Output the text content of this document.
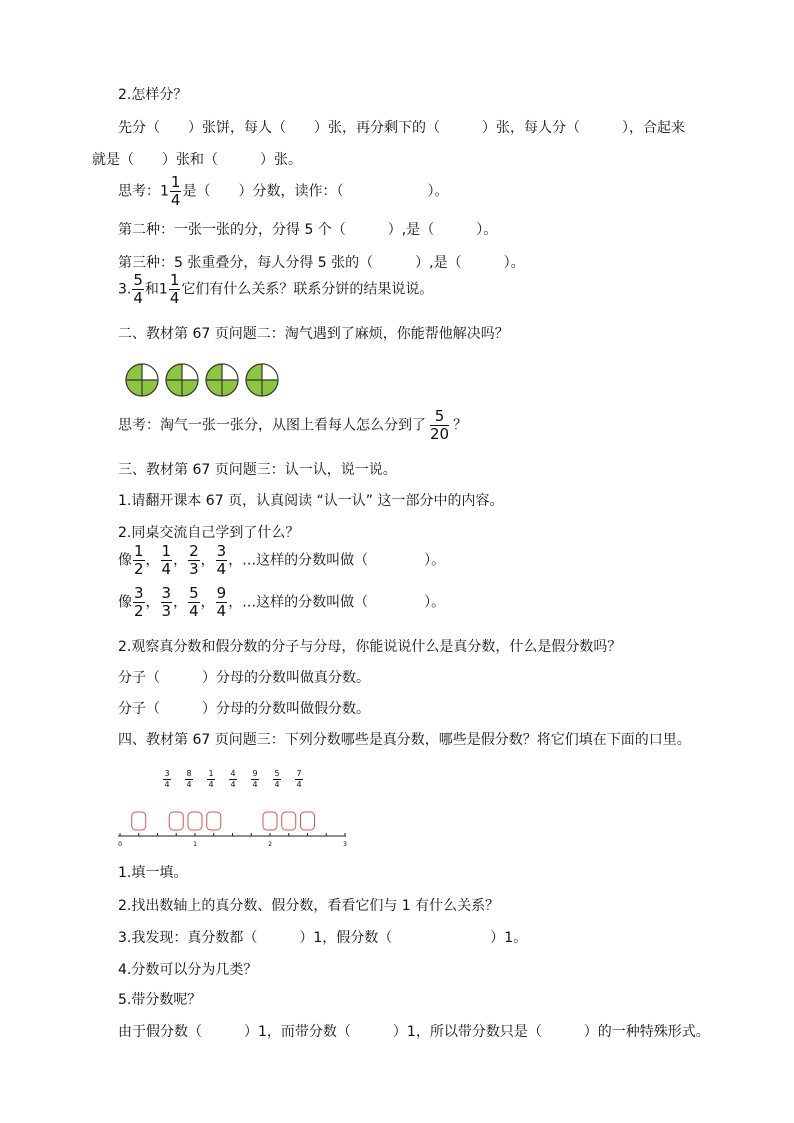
2.怎样分？
先分（　　）张饼，每人（　　）张，再分剩下的（　　　）张，每人分（　　　），合起来
就是（　　）张和（　　　）张。
思考：$1 \frac{1}{4}$ 是（　　）分数，读作：（　　　　　　）。
第二种：一张一张的分，分得 5 个（　　　）,是（　　　）。
第三种：5 张重叠分，每人分得 5 张的（　　　）,是（　　　）。
3. $\frac{5}{4}$ 和$1 \frac{1}{4}$ 它们有什么关系？联系分饼的结果说说。
二、教材第 67 页问题二：淘气遇到了麻烦，你能帮他解决吗？
思考：淘气一张一张分，从图上看每人怎么分到了 $\frac{5}{20}$ ？
三、教材第 67 页问题三：认一认，说一说。
1.请翻开课本 67 页，认真阅读 “认一认” 这一部分中的内容。
2.同桌交流自己学到了什么？
像 $\frac{1}{2}$ ， $\frac{1}{4}$ ， $\frac{2}{3}$ ， $\frac{3}{4}$ ，…这样的分数叫做（　　　　）。
像 $\frac{3}{2}$ ， $\frac{3}{3}$ ， $\frac{5}{4}$ ， $\frac{9}{4}$ ，…这样的分数叫做（　　　　）。
2.观察真分数和假分数的分子与分母，你能说说什么是真分数，什么是假分数吗？
分子（　　　）分母的分数叫做真分数。
分子（　　　）分母的分数叫做假分数。
四、教材第 67 页问题三：下列分数哪些是真分数，哪些是假分数？将它们填在下面的口里。
$\frac{3}{4} \frac{8}{4} \frac{1}{4} \frac{4}{4} \frac{9}{4} \frac{5}{4} \frac{7}{4}$
0	1	2	3
1.填一填。
2.找出数轴上的真分数、假分数，看看它们与 1 有什么关系？
3.我发现：真分数都（　　　）1，假分数（　　　　　　　）1。
4.分数可以分为几类？
5.带分数呢？
由于假分数（　　　）1，而带分数（　　　）1，所以带分数只是（　　　）的一种特殊形式。
